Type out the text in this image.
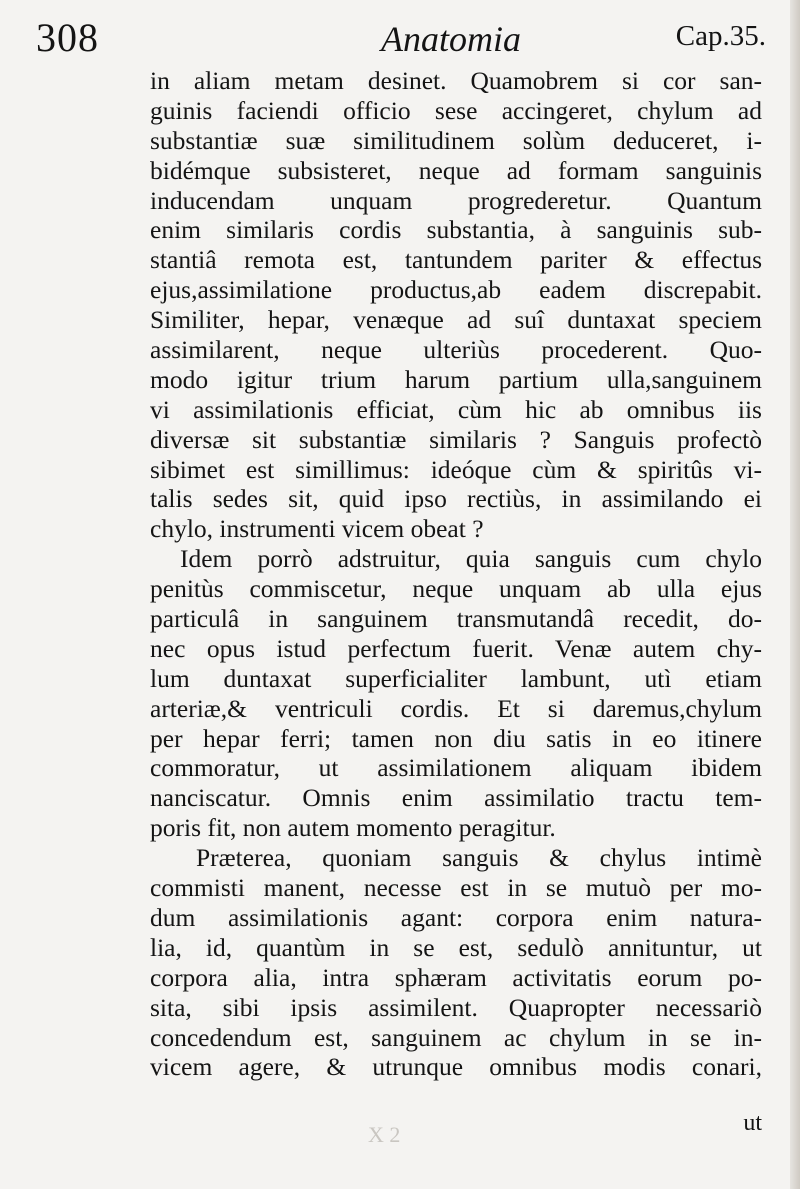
308	Anatomia	Cap.35.
in aliam metam desinet. Quamobrem si cor san-
guinis faciendi officio sese accingeret, chylum ad
substantiæ suæ similitudinem solùm deduceret, i-
bidémque subsisteret, neque ad formam sanguinis
inducendam unquam progrederetur. Quantum
enim similaris cordis substantia, à sanguinis sub-
stantiâ remota est, tantundem pariter & effectus
ejus,assimilatione productus,ab eadem discrepabit.
Similiter, hepar, venæque ad suî duntaxat speciem
assimilarent, neque ulteriùs procederent. Quo-
modo igitur trium harum partium ulla,sanguinem
vi assimilationis efficiat, cùm hic ab omnibus iis
diversæ sit substantiæ similaris ? Sanguis profectò
sibimet est simillimus: ideóque cùm & spiritûs vi-
talis sedes sit, quid ipso rectiùs, in assimilando ei
chylo, instrumenti vicem obeat ?
Idem porrò adstruitur, quia sanguis cum chylo
penitùs commiscetur, neque unquam ab ulla ejus
particulâ in sanguinem transmutandâ recedit, do-
nec opus istud perfectum fuerit. Venæ autem chy-
lum duntaxat superficialiter lambunt, utì etiam
arteriæ,& ventriculi cordis. Et si daremus,chylum
per hepar ferri; tamen non diu satis in eo itinere
commoratur, ut assimilationem aliquam ibidem
nanciscatur. Omnis enim assimilatio tractu tem-
poris fit, non autem momento peragitur.
Præterea, quoniam sanguis & chylus intimè
commisti manent, necesse est in se mutuò per mo-
dum assimilationis agant: corpora enim natura-
lia, id, quantùm in se est, sedulò annituntur, ut
corpora alia, intra sphæram activitatis eorum po-
sita, sibi ipsis assimilent. Quapropter necessariò
concedendum est, sanguinem ac chylum in se in-
vicem agere, & utrunque omnibus modis conari,
X 2	ut
